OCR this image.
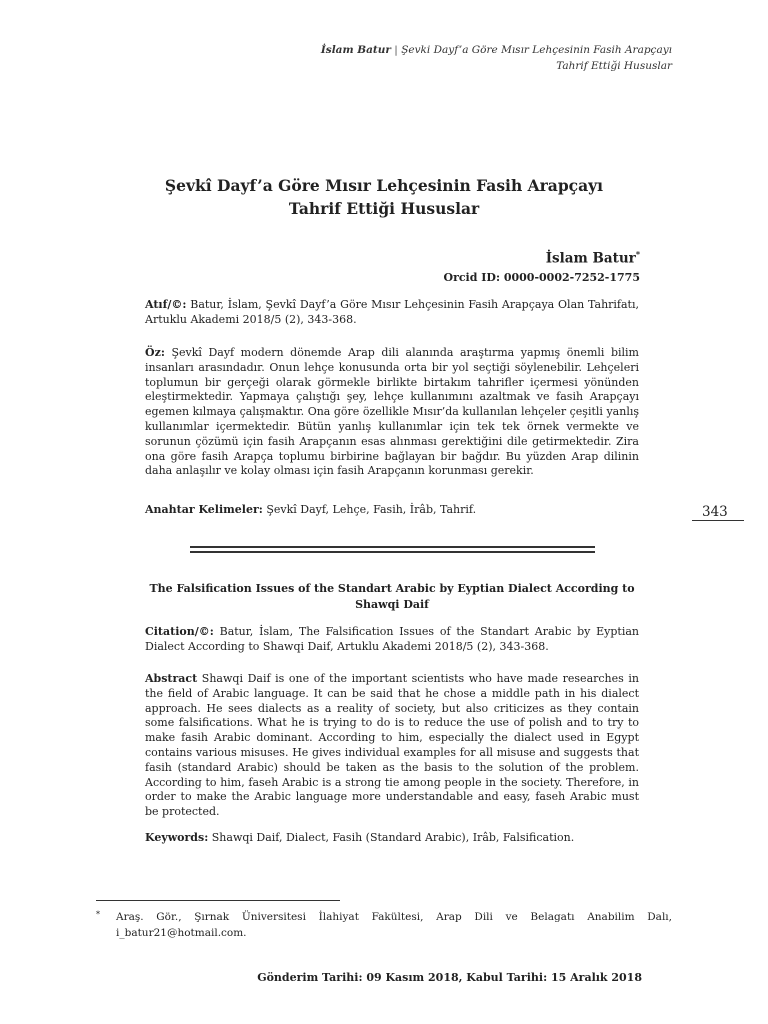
İslam Batur | Şevki Dayf’a Göre Mısır Lehçesinin Fasih Arapçayı
Tahrif Ettiği Hususlar
Şevkî Dayf’a Göre Mısır Lehçesinin Fasih Arapçayı
Tahrif Ettiği Hususlar
İslam Batur*
Orcid ID: 0000-0002-7252-1775
Atıf/©: Batur, İslam, Şevkî Dayf’a Göre Mısır Lehçesinin Fasih Arapçaya Olan Tahrifatı, Artuklu Akademi 2018/5 (2), 343-368.
Öz: Şevkî Dayf modern dönemde Arap dili alanında araştırma yapmış önemli bilim insanları arasındadır. Onun lehçe konusunda orta bir yol seçtiği söylenebilir. Lehçeleri toplumun bir gerçeği olarak görmekle birlikte birtakım tahrifler içermesi yönünden eleştirmektedir. Yapmaya çalıştığı şey, lehçe kullanımını azaltmak ve fasih Arapçayı egemen kılmaya çalışmaktır. Ona göre özellikle Mısır’da kullanılan lehçeler çeşitli yanlış kullanımlar içermektedir. Bütün yanlış kullanımlar için tek tek örnek vermekte ve sorunun çözümü için fasih Arapçanın esas alınması gerektiğini dile getirmektedir. Zira ona göre fasih Arapça toplumu birbirine bağlayan bir bağdır. Bu yüzden Arap dilinin daha anlaşılır ve kolay olması için fasih Arapçanın korunması gerekir.
Anahtar Kelimeler: Şevkî Dayf, Lehçe, Fasih, İrâb, Tahrif.	343
The Falsification Issues of the Standart Arabic by Eyptian Dialect According to Shawqi Daif
Citation/©: Batur, İslam, The Falsification Issues of the Standart Arabic by Eyptian Dialect According to Shawqi Daif, Artuklu Akademi 2018/5 (2), 343-368.
Abstract Shawqi Daif is one of the important scientists who have made researches in the field of Arabic language. It can be said that he chose a middle path in his dialect approach. He sees dialects as a reality of society, but also criticizes as they contain some falsifications. What he is trying to do is to reduce the use of polish and to try to make fasih Arabic dominant. According to him, especially the dialect used in Egypt contains various misuses. He gives individual examples for all misuse and suggests that fasih (standard Arabic) should be taken as the basis to the solution of the problem. According to him, faseh Arabic is a strong tie among people in the society. Therefore, in order to make the Arabic language more understandable and easy, faseh Arabic must be protected.
Keywords: Shawqi Daif, Dialect, Fasih (Standard Arabic), Irâb, Falsification.
*	Araş. Gör., Şırnak Üniversitesi İlahiyat Fakültesi, Arap Dili ve Belagatı Anabilim Dalı, i_batur21@hotmail.com.
Gönderim Tarihi: 09 Kasım 2018, Kabul Tarihi: 15 Aralık 2018
